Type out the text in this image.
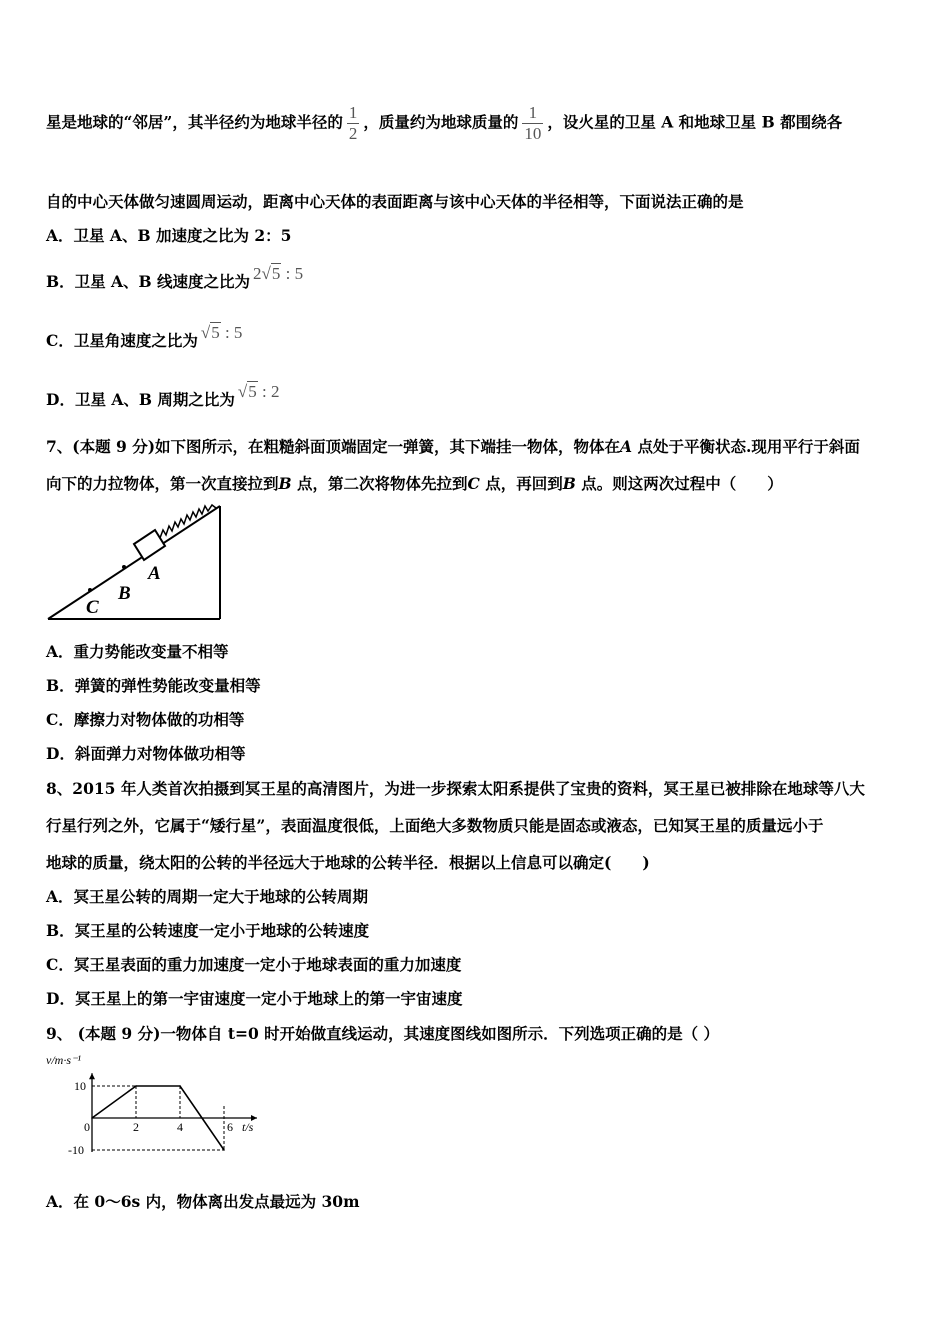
星是地球的“邻居”，其半径约为地球半径的 $\frac{1}{2}$ ，质量约为地球质量的 $\frac{1}{10}$ ，设火星的卫星 A 和地球卫星 B 都围绕各
自的中心天体做匀速圆周运动，距离中心天体的表面距离与该中心天体的半径相等，下面说法正确的是
A．卫星 A、B 加速度之比为 2：5
B．卫星 A、B 线速度之比为 2√5 : 5
C．卫星角速度之比为 √5 : 5
D．卫星 A、B 周期之比为 √5 : 2
7、(本题 9 分)如下图所示，在粗糙斜面顶端固定一弹簧，其下端挂一物体，物体在A 点处于平衡状态.现用平行于斜面
向下的力拉物体，第一次直接拉到B 点，第二次将物体先拉到C 点，再回到B 点。则这两次过程中（　　）
A
B
C
A．重力势能改变量不相等
B．弹簧的弹性势能改变量相等
C．摩擦力对物体做的功相等
D．斜面弹力对物体做功相等
8、2015 年人类首次拍摄到冥王星的高清图片，为进一步探索太阳系提供了宝贵的资料，冥王星已被排除在地球等八大
行星行列之外，它属于“矮行星”，表面温度很低，上面绝大多数物质只能是固态或液态，已知冥王星的质量远小于
地球的质量，绕太阳的公转的半径远大于地球的公转半径．根据以上信息可以确定(　　)
A．冥王星公转的周期一定大于地球的公转周期
B．冥王星的公转速度一定小于地球的公转速度
C．冥王星表面的重力加速度一定小于地球表面的重力加速度
D．冥王星上的第一宇宙速度一定小于地球上的第一宇宙速度
9、 (本题 9 分)一物体自 t=0 时开始做直线运动，其速度图线如图所示．下列选项正确的是（ ）
0	2	4	6
10
-10
t/s
v/m·s⁻¹
A．在 0～6s 内，物体离出发点最远为 30m
